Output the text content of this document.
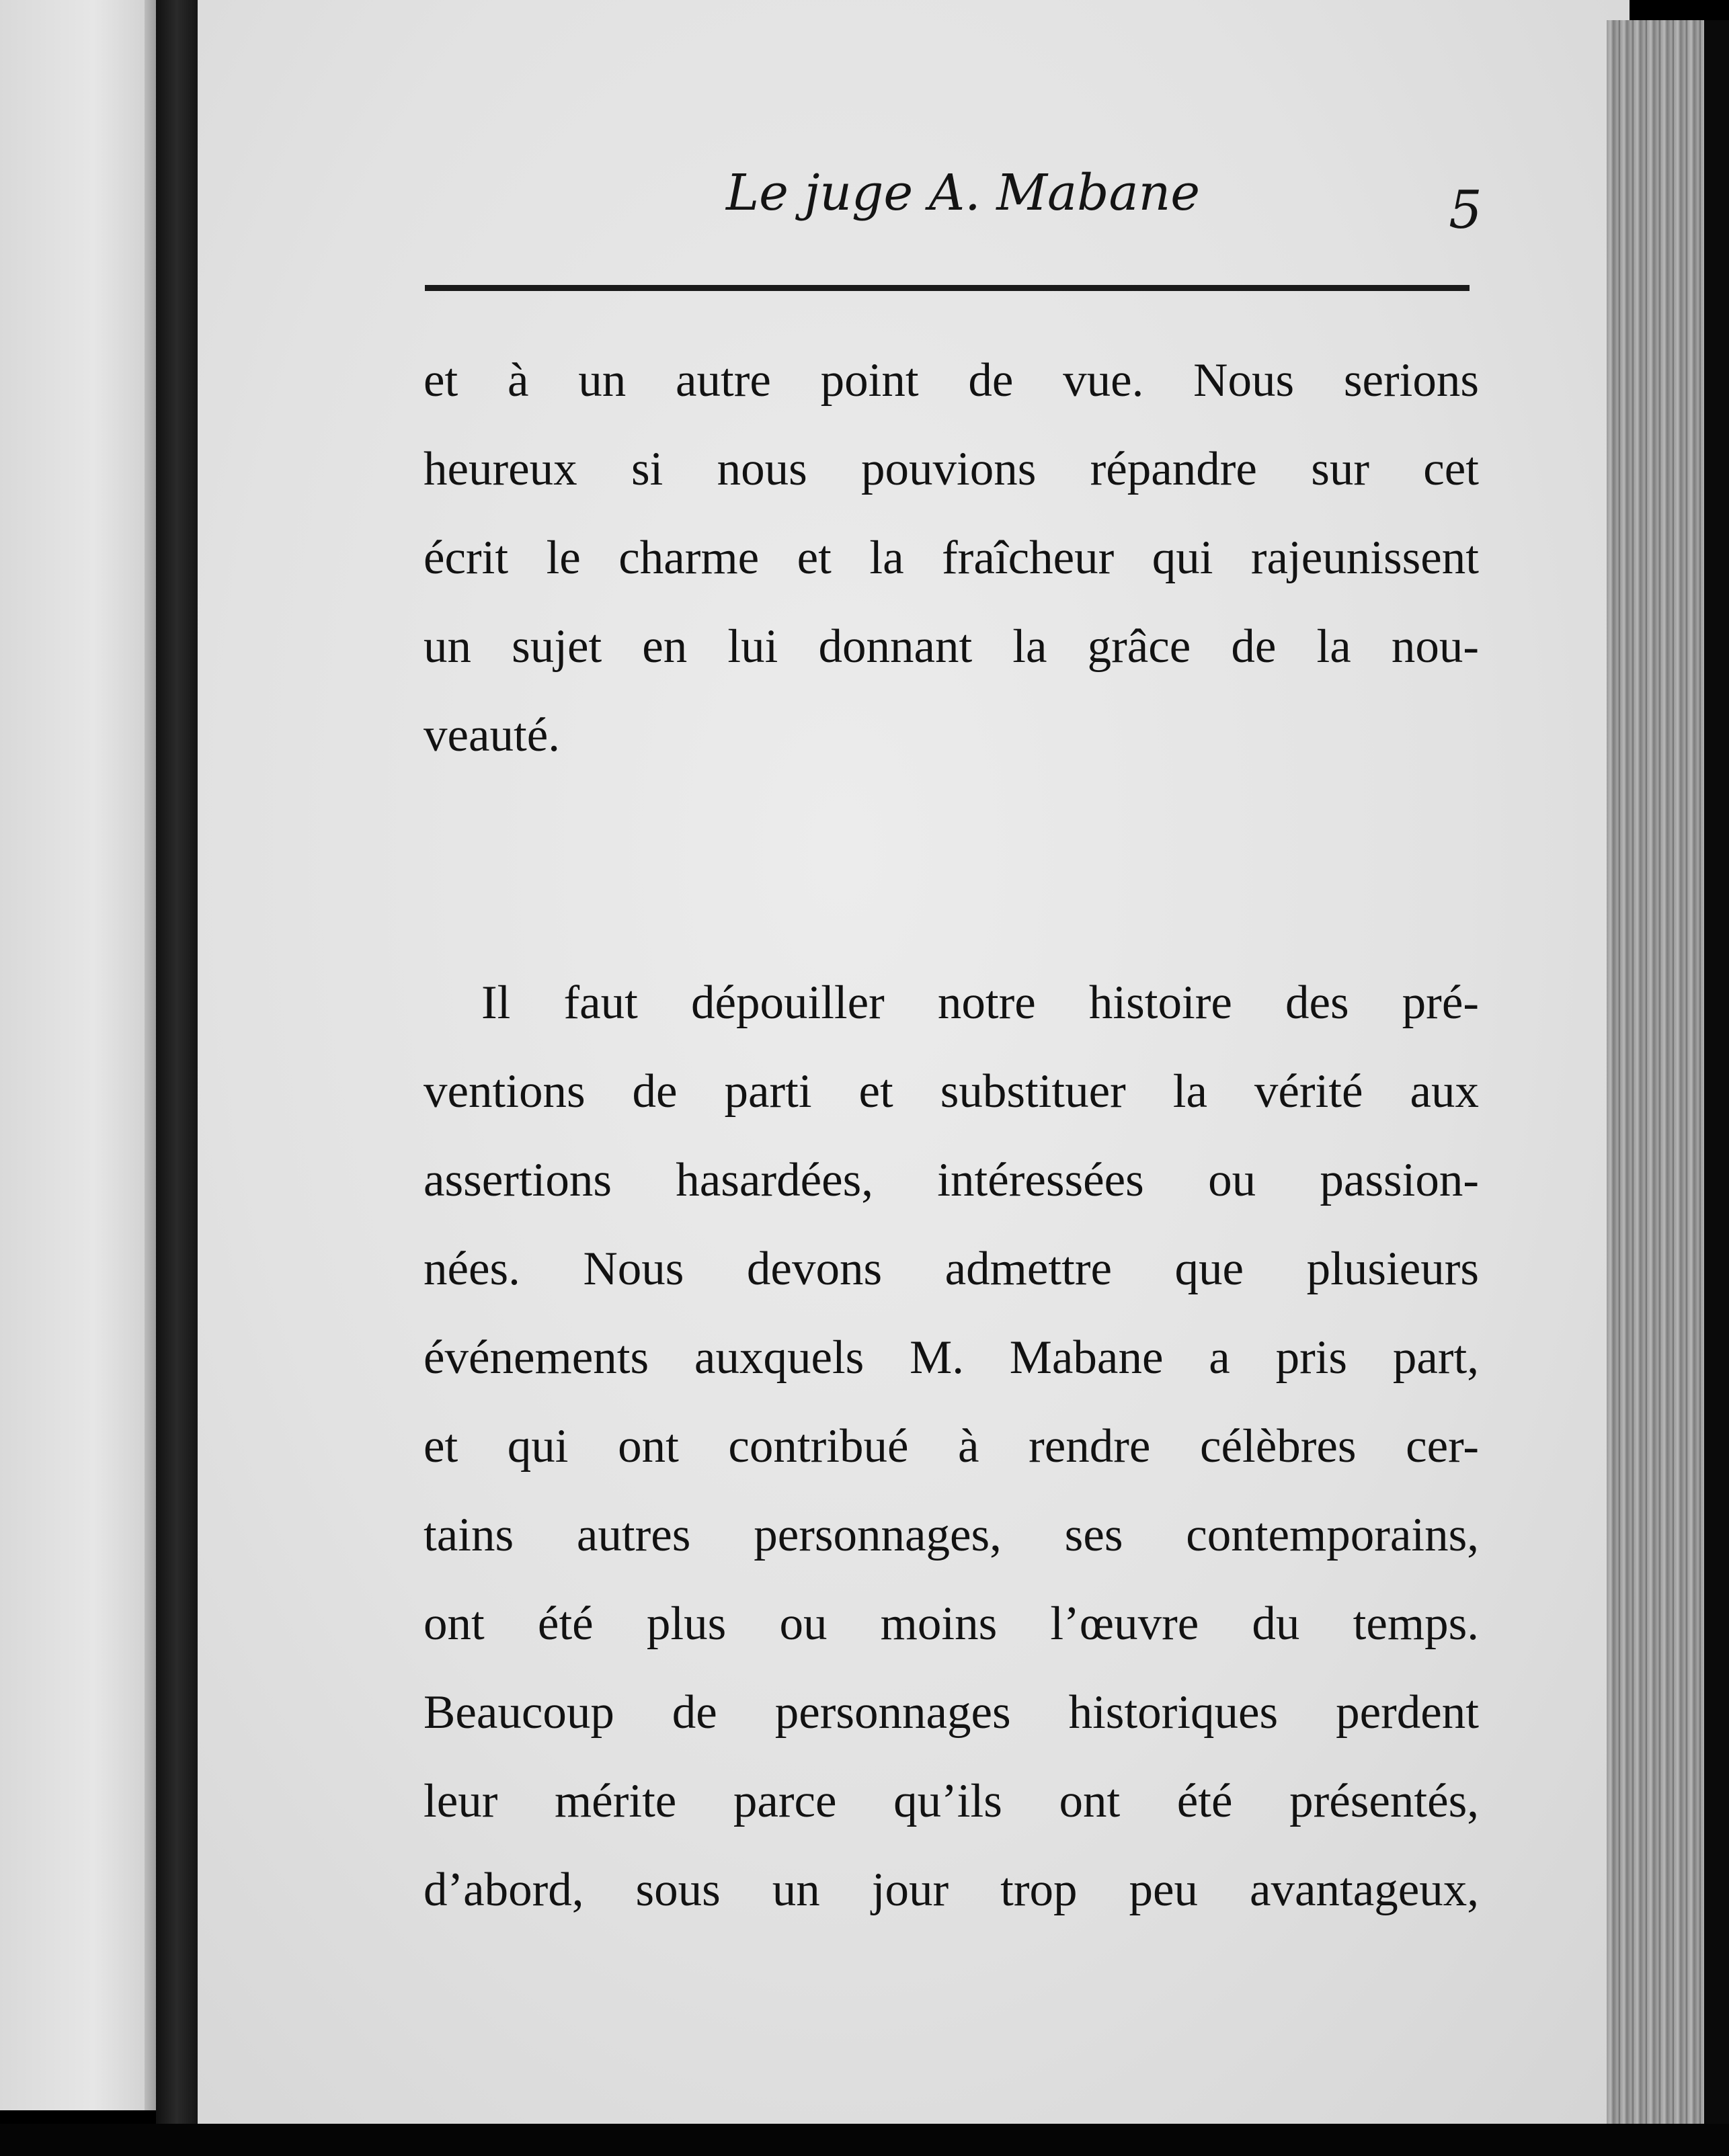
Le juge A. Mabane	5
et à un autre point de vue. Nous serions
heureux si nous pouvions répandre sur cet
écrit le charme et la fraîcheur qui rajeunissent
un sujet en lui donnant la grâce de la nou-
veauté.
Il faut dépouiller notre histoire des pré-
ventions de parti et substituer la vérité aux
assertions hasardées, intéressées ou passion-
nées. Nous devons admettre que plusieurs
événements auxquels M. Mabane a pris part,
et qui ont contribué à rendre célèbres cer-
tains autres personnages, ses contemporains,
ont été plus ou moins l’œuvre du temps.
Beaucoup de personnages historiques perdent
leur mérite parce qu’ils ont été présentés,
d’abord, sous un jour trop peu avantageux,
